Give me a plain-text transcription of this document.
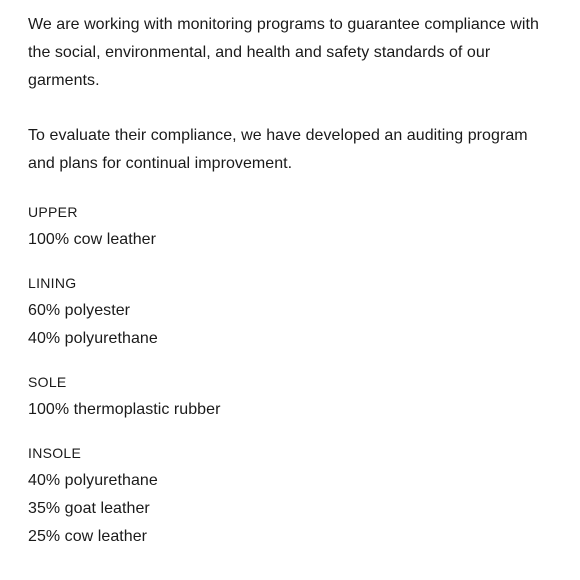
We are working with monitoring programs to guarantee compliance with the social, environmental, and health and safety standards of our garments.

To evaluate their compliance, we have developed an auditing program and plans for continual improvement.

UPPER
100% cow leather
LINING
60% polyester
40% polyurethane
SOLE
100% thermoplastic rubber
INSOLE
40% polyurethane
35% goat leather
25% cow leather
